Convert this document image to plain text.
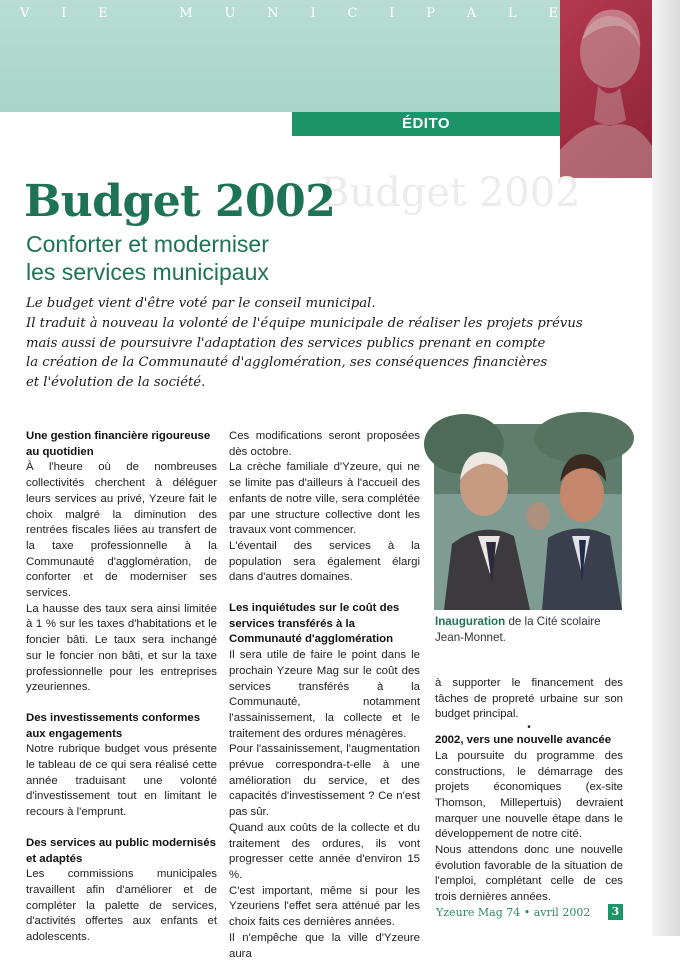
V I E	M U N I C I P A L E
ÉDITO
Budget 2002
Budget 2002
Conforter et moderniser
les services municipaux
Le budget vient d'être voté par le conseil municipal.
Il traduit à nouveau la volonté de l'équipe municipale de réaliser les projets prévus
mais aussi de poursuivre l'adaptation des services publics prenant en compte
la création de la Communauté d'agglomération, ses conséquences financières
et l'évolution de la société.
Une gestion financière rigoureuse au quotidien

À l'heure où de nombreuses collectivités cherchent à déléguer leurs services au privé, Yzeure fait le choix malgré la diminution des rentrées fiscales liées au transfert de la taxe professionnelle à la Communauté d'agglomération, de conforter et de moderniser ses services.

La hausse des taux sera ainsi limitée à 1 % sur les taxes d'habitations et le foncier bâti. Le taux sera inchangé sur le foncier non bâti, et sur la taxe professionnelle pour les entreprises yzeuriennes.

Des investissements conformes aux engagements

Notre rubrique budget vous présente le tableau de ce qui sera réalisé cette année traduisant une volonté d'investissement tout en limitant le recours à l'emprunt.

Des services au public modernisés et adaptés

Les commissions municipales travaillent afin d'améliorer et de compléter la palette de services, d'activités offertes aux enfants et adolescents.

Ces modifications seront proposées dès octobre.

La crèche familiale d'Yzeure, qui ne se limite pas d'ailleurs à l'accueil des enfants de notre ville, sera complétée par une structure collective dont les travaux vont commencer.

L'éventail des services à la population sera également élargi dans d'autres domaines.

Les inquiétudes sur le coût des services transférés à la Communauté d'agglomération

Il sera utile de faire le point dans le prochain Yzeure Mag sur le coût des services transférés à la Communauté, notamment l'assainissement, la collecte et le traitement des ordures ménagères.

Pour l'assainissement, l'augmentation prévue correspondra-t-elle à une amélioration du service, et des capacités d'investissement ? Ce n'est pas sûr.

Quand aux coûts de la collecte et du traitement des ordures, ils vont progresser cette année d'environ 15 %.

C'est important, même si pour les Yzeuriens l'effet sera atténué par les choix faits ces dernières années.

Il n'empêche que la ville d'Yzeure aura

Inauguration de la Cité scolaire Jean-Monnet.

à supporter le financement des tâches de propreté urbaine sur son budget principal.

•
2002, vers une nouvelle avancée

La poursuite du programme des constructions, le démarrage des projets économiques (ex-site Thomson, Millepertuis) devraient marquer une nouvelle étape dans le développement de notre cité.

Nous attendons donc une nouvelle évolution favorable de la situation de l'emploi, complétant celle de ces trois dernières années.

Yzeure Mag 74 • avril 2002	3
